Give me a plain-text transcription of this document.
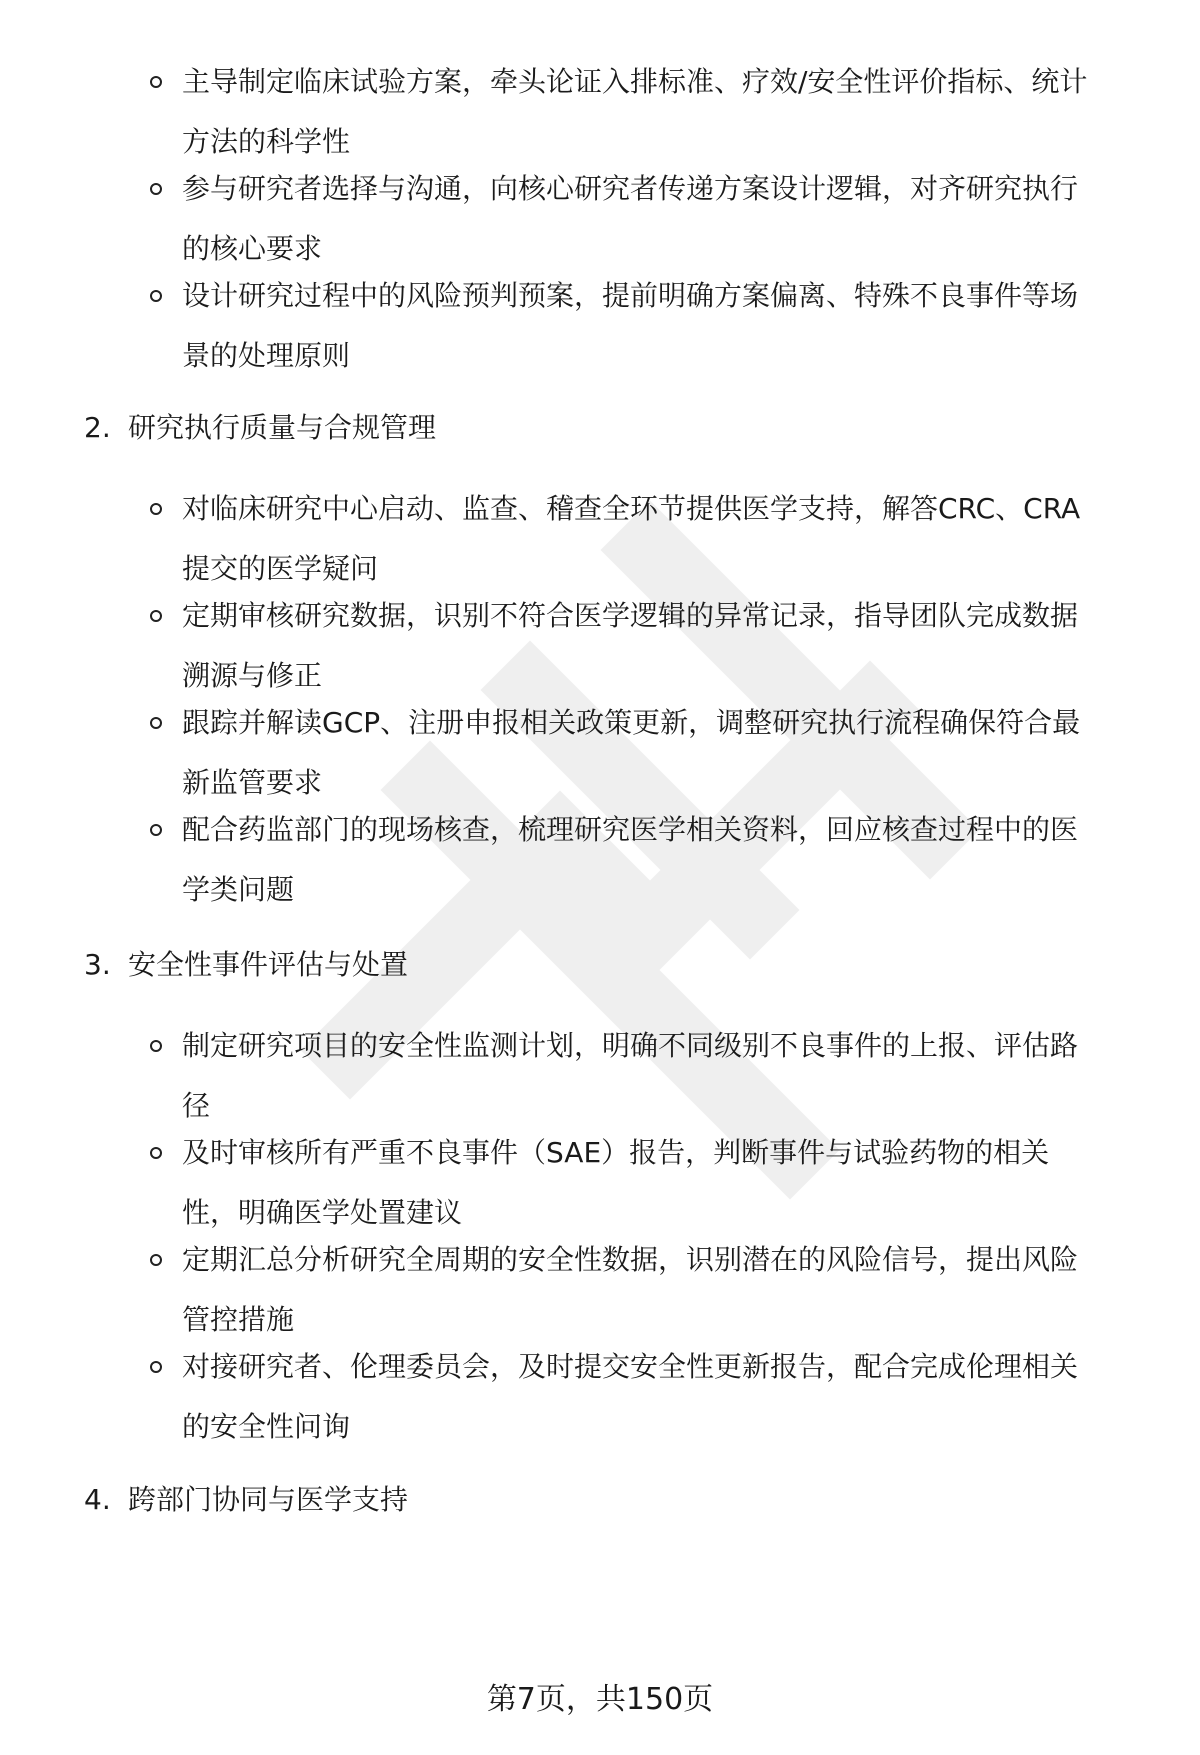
主导制定临床试验方案，牵头论证入排标准、疗效/安全性评价指标、统计
方法的科学性
参与研究者选择与沟通，向核心研究者传递方案设计逻辑，对齐研究执行
的核心要求
设计研究过程中的风险预判预案，提前明确方案偏离、特殊不良事件等场
景的处理原则
2. 研究执行质量与合规管理
对临床研究中心启动、监查、稽查全环节提供医学支持，解答CRC、CRA
提交的医学疑问
定期审核研究数据，识别不符合医学逻辑的异常记录，指导团队完成数据
溯源与修正
跟踪并解读GCP、注册申报相关政策更新，调整研究执行流程确保符合最
新监管要求
配合药监部门的现场核查，梳理研究医学相关资料，回应核查过程中的医
学类问题
3. 安全性事件评估与处置
制定研究项目的安全性监测计划，明确不同级别不良事件的上报、评估路
径
及时审核所有严重不良事件（SAE）报告，判断事件与试验药物的相关
性，明确医学处置建议
定期汇总分析研究全周期的安全性数据，识别潜在的风险信号，提出风险
管控措施
对接研究者、伦理委员会，及时提交安全性更新报告，配合完成伦理相关
的安全性问询
4. 跨部门协同与医学支持
第7页，共150页
